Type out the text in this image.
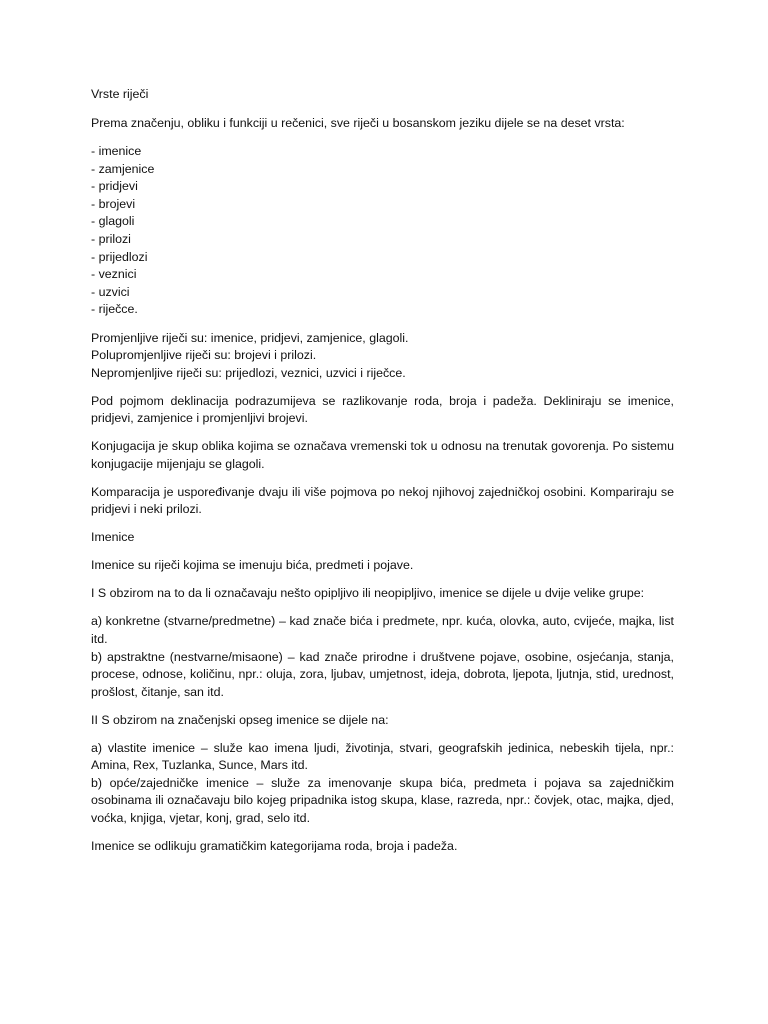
Vrste riječi

Prema značenju, obliku i funkciji u rečenici, sve riječi u bosanskom jeziku dijele se na deset vrsta:

- imenice
- zamjenice
- pridjevi
- brojevi
- glagoli
- prilozi
- prijedlozi
- veznici
- uzvici
- riječce.

Promjenljive riječi su: imenice, pridjevi, zamjenice, glagoli.
Polupromjenljive riječi su: brojevi i prilozi.
Nepromjenljive riječi su: prijedlozi, veznici, uzvici i riječce.

Pod pojmom deklinacija podrazumijeva se razlikovanje roda, broja i padeža. Dekliniraju se imenice, pridjevi, zamjenice i promjenljivi brojevi.

Konjugacija je skup oblika kojima se označava vremenski tok u odnosu na trenutak govorenja. Po sistemu konjugacije mijenjaju se glagoli.

Komparacija je uspoređivanje dvaju ili više pojmova po nekoj njihovoj zajedničkoj osobini. Kompariraju se pridjevi i neki prilozi.

Imenice

Imenice su riječi kojima se imenuju bića, predmeti i pojave.

I S obzirom na to da li označavaju nešto opipljivo ili neopipljivo, imenice se dijele u dvije velike grupe:

a) konkretne (stvarne/predmetne) – kad znače bića i predmete, npr. kuća, olovka, auto, cvijeće, majka, list itd.
b) apstraktne (nestvarne/misaone) – kad znače prirodne i društvene pojave, osobine, osjećanja, stanja, procese, odnose, količinu, npr.: oluja, zora, ljubav, umjetnost, ideja, dobrota, ljepota, ljutnja, stid, urednost, prošlost, čitanje, san itd.

II S obzirom na značenjski opseg imenice se dijele na:

a) vlastite imenice – služe kao imena ljudi, životinja, stvari, geografskih jedinica, nebeskih tijela, npr.: Amina, Rex, Tuzlanka, Sunce, Mars itd.
b) opće/zajedničke imenice – služe za imenovanje skupa bića, predmeta i pojava sa zajedničkim osobinama ili označavaju bilo kojeg pripadnika istog skupa, klase, razreda, npr.: čovjek, otac, majka, djed, voćka, knjiga, vjetar, konj, grad, selo itd.

Imenice se odlikuju gramatičkim kategorijama roda, broja i padeža.
